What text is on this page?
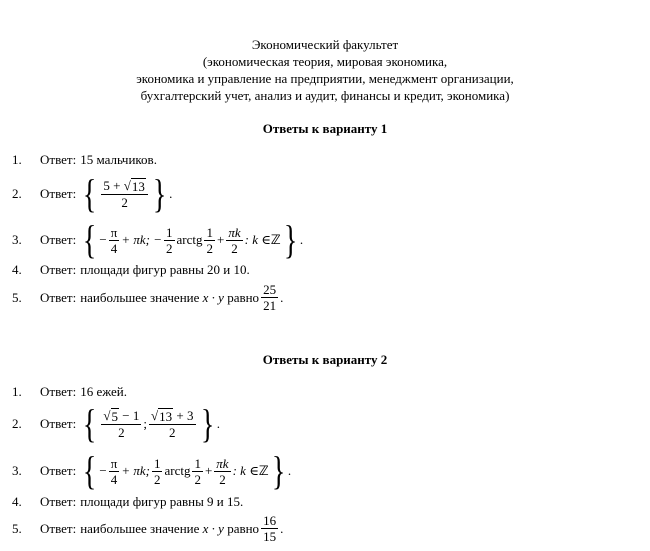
Экономический факультет
(экономическая теория, мировая экономика,
экономика и управление на предприятии, менеджмент организации,
бухгалтерский учет, анализ и аудит, финансы и кредит, экономика)
Ответы к варианту 1
1.	Ответ: 15 мальчиков.
2.	Ответ: { $\frac{5 + √ 13}{2}$ } .
3.	Ответ: { − $\frac{\pi}{4} + \pi k$; − $\frac{1}{2}$ arctg $\frac{1}{2} + \frac{\pi k}{2}$ : k ∈ ℤ } .
4.	Ответ: площади фигур равны 20 и 10.
5.	Ответ: наибольшее значение
x · y
равно $\frac{25}{21}$ .
Ответы к варианту 2
1.	Ответ: 16 ежей.
2.	Ответ: { $\frac{√ 5 - 1}{2}$ ; $\frac{√ 13 + 3}{2}$ } .
3.	Ответ: { − $\frac{\pi}{4} + \pi k$; $\frac{1}{2}$ arctg $\frac{1}{2} + \frac{\pi k}{2}$ : k ∈ ℤ } .
4.	Ответ: площади фигур равны 9 и 15.
5.	Ответ: наибольшее значение
x · y
равно $\frac{16}{15}$ .
